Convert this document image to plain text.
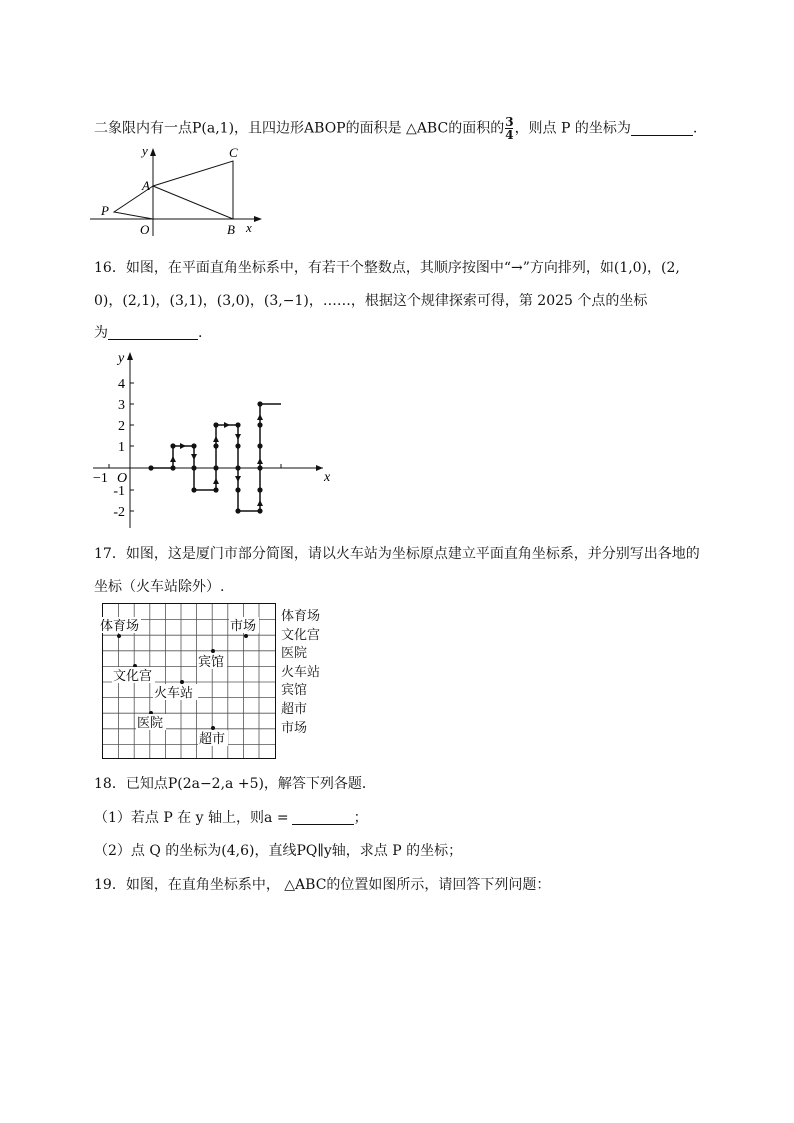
二象限内有一点P(a,1)，且四边形ABOP的面积是 △ABC的面积的 $\frac{3}{4}$ ，则点 P 的坐标为	.
y
x
C
A
P
O	B
16．如图，在平面直角坐标系中，有若干个整数点，其顺序按图中“→”方向排列，如(1,0)，(2,
0)，(2,1)，(3,1)，(3,0)，(3,−1)，……，根据这个规律探索可得，第 2025 个点的坐标
为	.
y
x
O
−1
4
3
2
1
-1
-2
17．如图，这是厦门市部分简图，请以火车站为坐标原点建立平面直角坐标系，并分别写出各地的
坐标（火车站除外）.
体育场	市场
宾馆
文化宫
火车站
医院
超市
体育场
文化宫
医院
火车站
宾馆
超市
市场
18．已知点P(2a−2,a +5)，解答下列各题．
（1）若点 P 在 y 轴上，则a =	；
（2）点 Q 的坐标为(4,6)，直线PQ∥y轴，求点 P 的坐标；
19．如图，在直角坐标系中， △ABC的位置如图所示，请回答下列问题：
